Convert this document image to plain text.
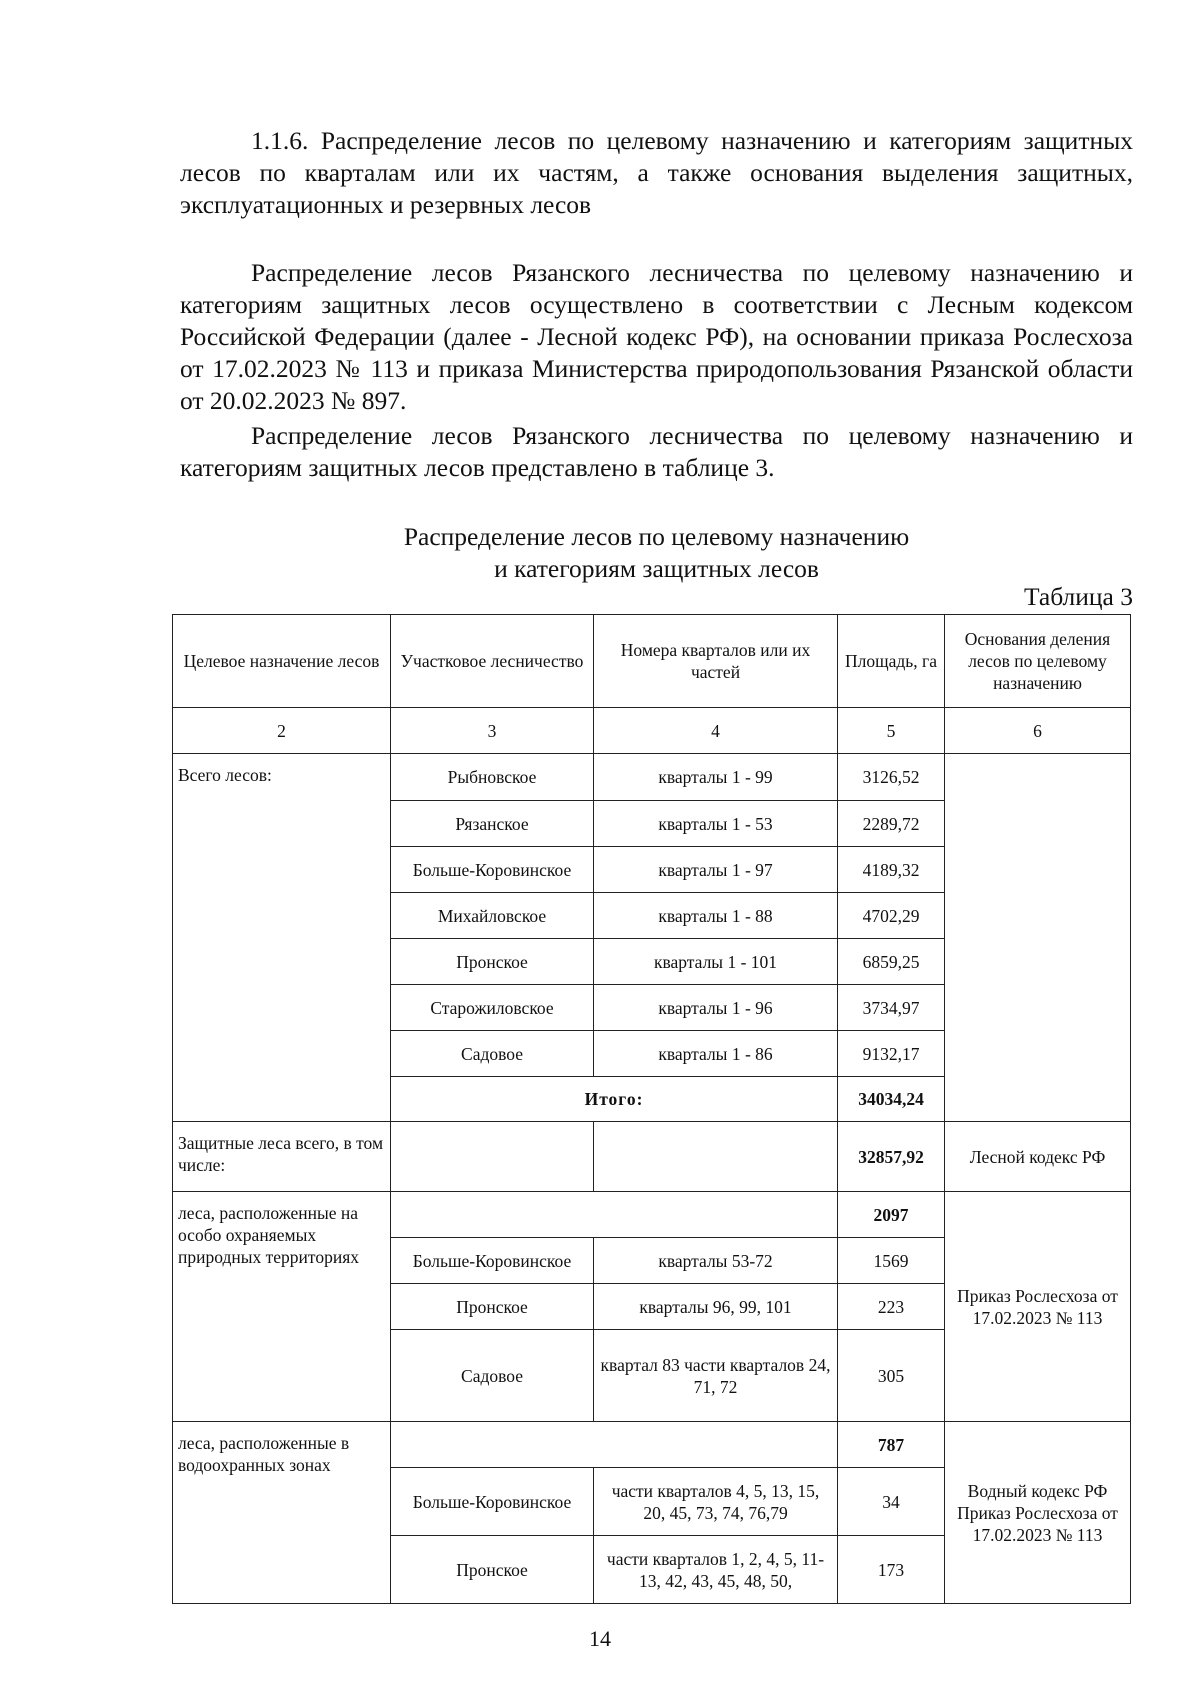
1.1.6. Распределение лесов по целевому назначению и категориям защитных лесов по кварталам или их частям, а также основания выделения защитных, эксплуатационных и резервных лесов

Распределение лесов Рязанского лесничества по целевому назначению и категориям защитных лесов осуществлено в соответствии с Лесным кодексом Российской Федерации (далее - Лесной кодекс РФ), на основании приказа Рослесхоза от 17.02.2023 № 113 и приказа Министерства природопользования Рязанской области от 20.02.2023 № 897.

Распределение лесов Рязанского лесничества по целевому назначению и категориям защитных лесов представлено в таблице 3.

Распределение лесов по целевому назначению
и категориям защитных лесов
Таблица 3
Целевое назначение лесов	Участковое лесничество	Номера кварталов или их частей	Площадь, га	Основания деления лесов по целевому назначению
2	3	4	5	6
Всего лесов:	Рыбновское	кварталы 1 - 99	3126,52	
	Рязанское	кварталы 1 - 53	2289,72	
	Больше-Коровинское	кварталы 1 - 97	4189,32	
	Михайловское	кварталы 1 - 88	4702,29	
	Пронское	кварталы 1 - 101	6859,25	
	Старожиловское	кварталы 1 - 96	3734,97	
	Садовое	кварталы 1 - 86	9132,17	
	Итого:		34034,24	
Защитные леса всего, в том числе:			32857,92	Лесной кодекс РФ
леса, расположенные на особо охраняемых природных территориях			2097	Приказ Рослесхоза от 17.02.2023 № 113
	Больше-Коровинское	кварталы 53-72	1569	
	Пронское	кварталы 96, 99, 101	223	
	Садовое	квартал 83 части кварталов 24, 71, 72	305	
леса, расположенные в водоохранных зонах			787	Водный кодекс РФ Приказ Рослесхоза от 17.02.2023 № 113
	Больше-Коровинское	части кварталов 4, 5, 13, 15, 20, 45, 73, 74, 76,79	34	
	Пронское	части кварталов 1, 2, 4, 5, 11-13, 42, 43, 45, 48, 50,	173	
14
